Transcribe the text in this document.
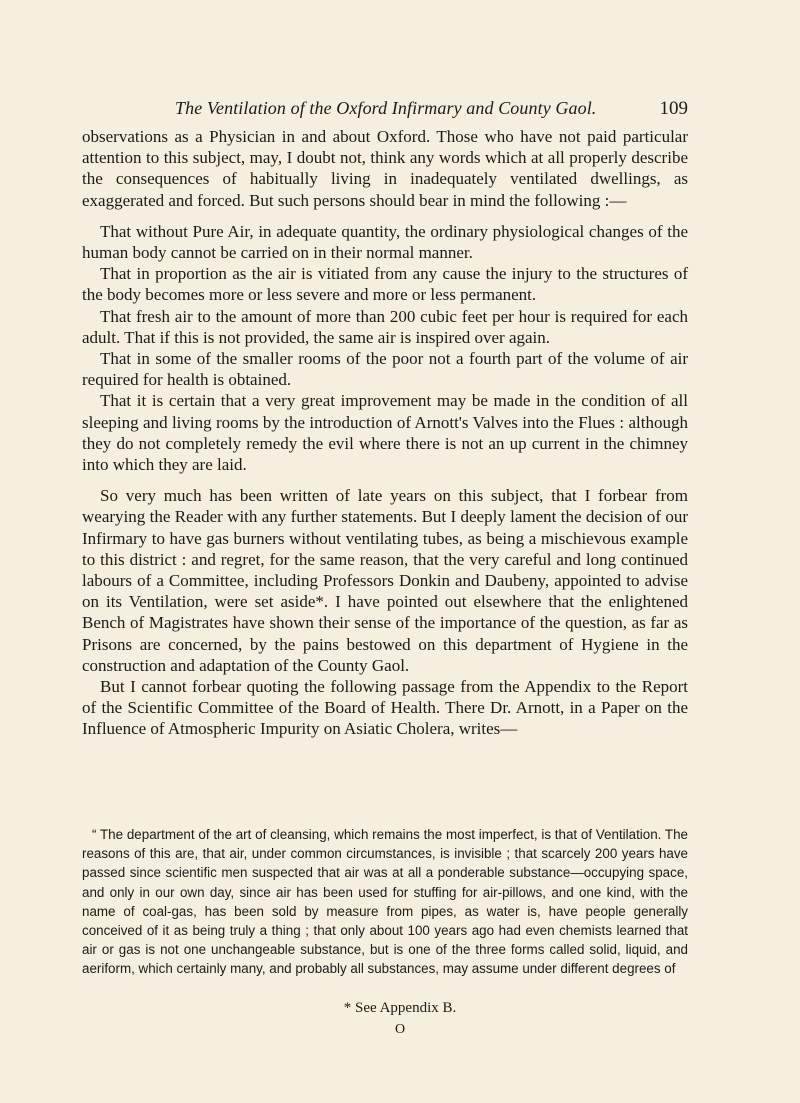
The Ventilation of the Oxford Infirmary and County Gaol.	109

observations as a Physician in and about Oxford. Those who have not paid particular attention to this subject, may, I doubt not, think any words which at all properly describe the consequences of habitually living in inadequately ventilated dwellings, as exaggerated and forced. But such persons should bear in mind the following :—

That without Pure Air, in adequate quantity, the ordinary physiological changes of the human body cannot be carried on in their normal manner.

That in proportion as the air is vitiated from any cause the injury to the structures of the body becomes more or less severe and more or less permanent.

That fresh air to the amount of more than 200 cubic feet per hour is required for each adult. That if this is not provided, the same air is inspired over again.

That in some of the smaller rooms of the poor not a fourth part of the volume of air required for health is obtained.

That it is certain that a very great improvement may be made in the condition of all sleeping and living rooms by the introduction of Arnott's Valves into the Flues : although they do not completely remedy the evil where there is not an up current in the chimney into which they are laid.

So very much has been written of late years on this subject, that I forbear from wearying the Reader with any further statements. But I deeply lament the decision of our Infirmary to have gas burners without ventilating tubes, as being a mischievous example to this district : and regret, for the same reason, that the very careful and long continued labours of a Committee, including Professors Donkin and Daubeny, appointed to advise on its Ventilation, were set aside*. I have pointed out elsewhere that the enlightened Bench of Magistrates have shown their sense of the importance of the question, as far as Prisons are concerned, by the pains bestowed on this department of Hygiene in the construction and adaptation of the County Gaol.

But I cannot forbear quoting the following passage from the Appendix to the Report of the Scientific Committee of the Board of Health. There Dr. Arnott, in a Paper on the Influence of Atmospheric Impurity on Asiatic Cholera, writes—

“ The department of the art of cleansing, which remains the most imperfect, is that of Ventilation. The reasons of this are, that air, under common circumstances, is invisible ; that scarcely 200 years have passed since scientific men suspected that air was at all a ponderable substance—occupying space, and only in our own day, since air has been used for stuffing for air-pillows, and one kind, with the name of coal-gas, has been sold by measure from pipes, as water is, have people generally conceived of it as being truly a thing ; that only about 100 years ago had even chemists learned that air or gas is not one unchangeable substance, but is one of the three forms called solid, liquid, and aeriform, which certainly many, and probably all substances, may assume under different degrees of

* See Appendix B.
O
